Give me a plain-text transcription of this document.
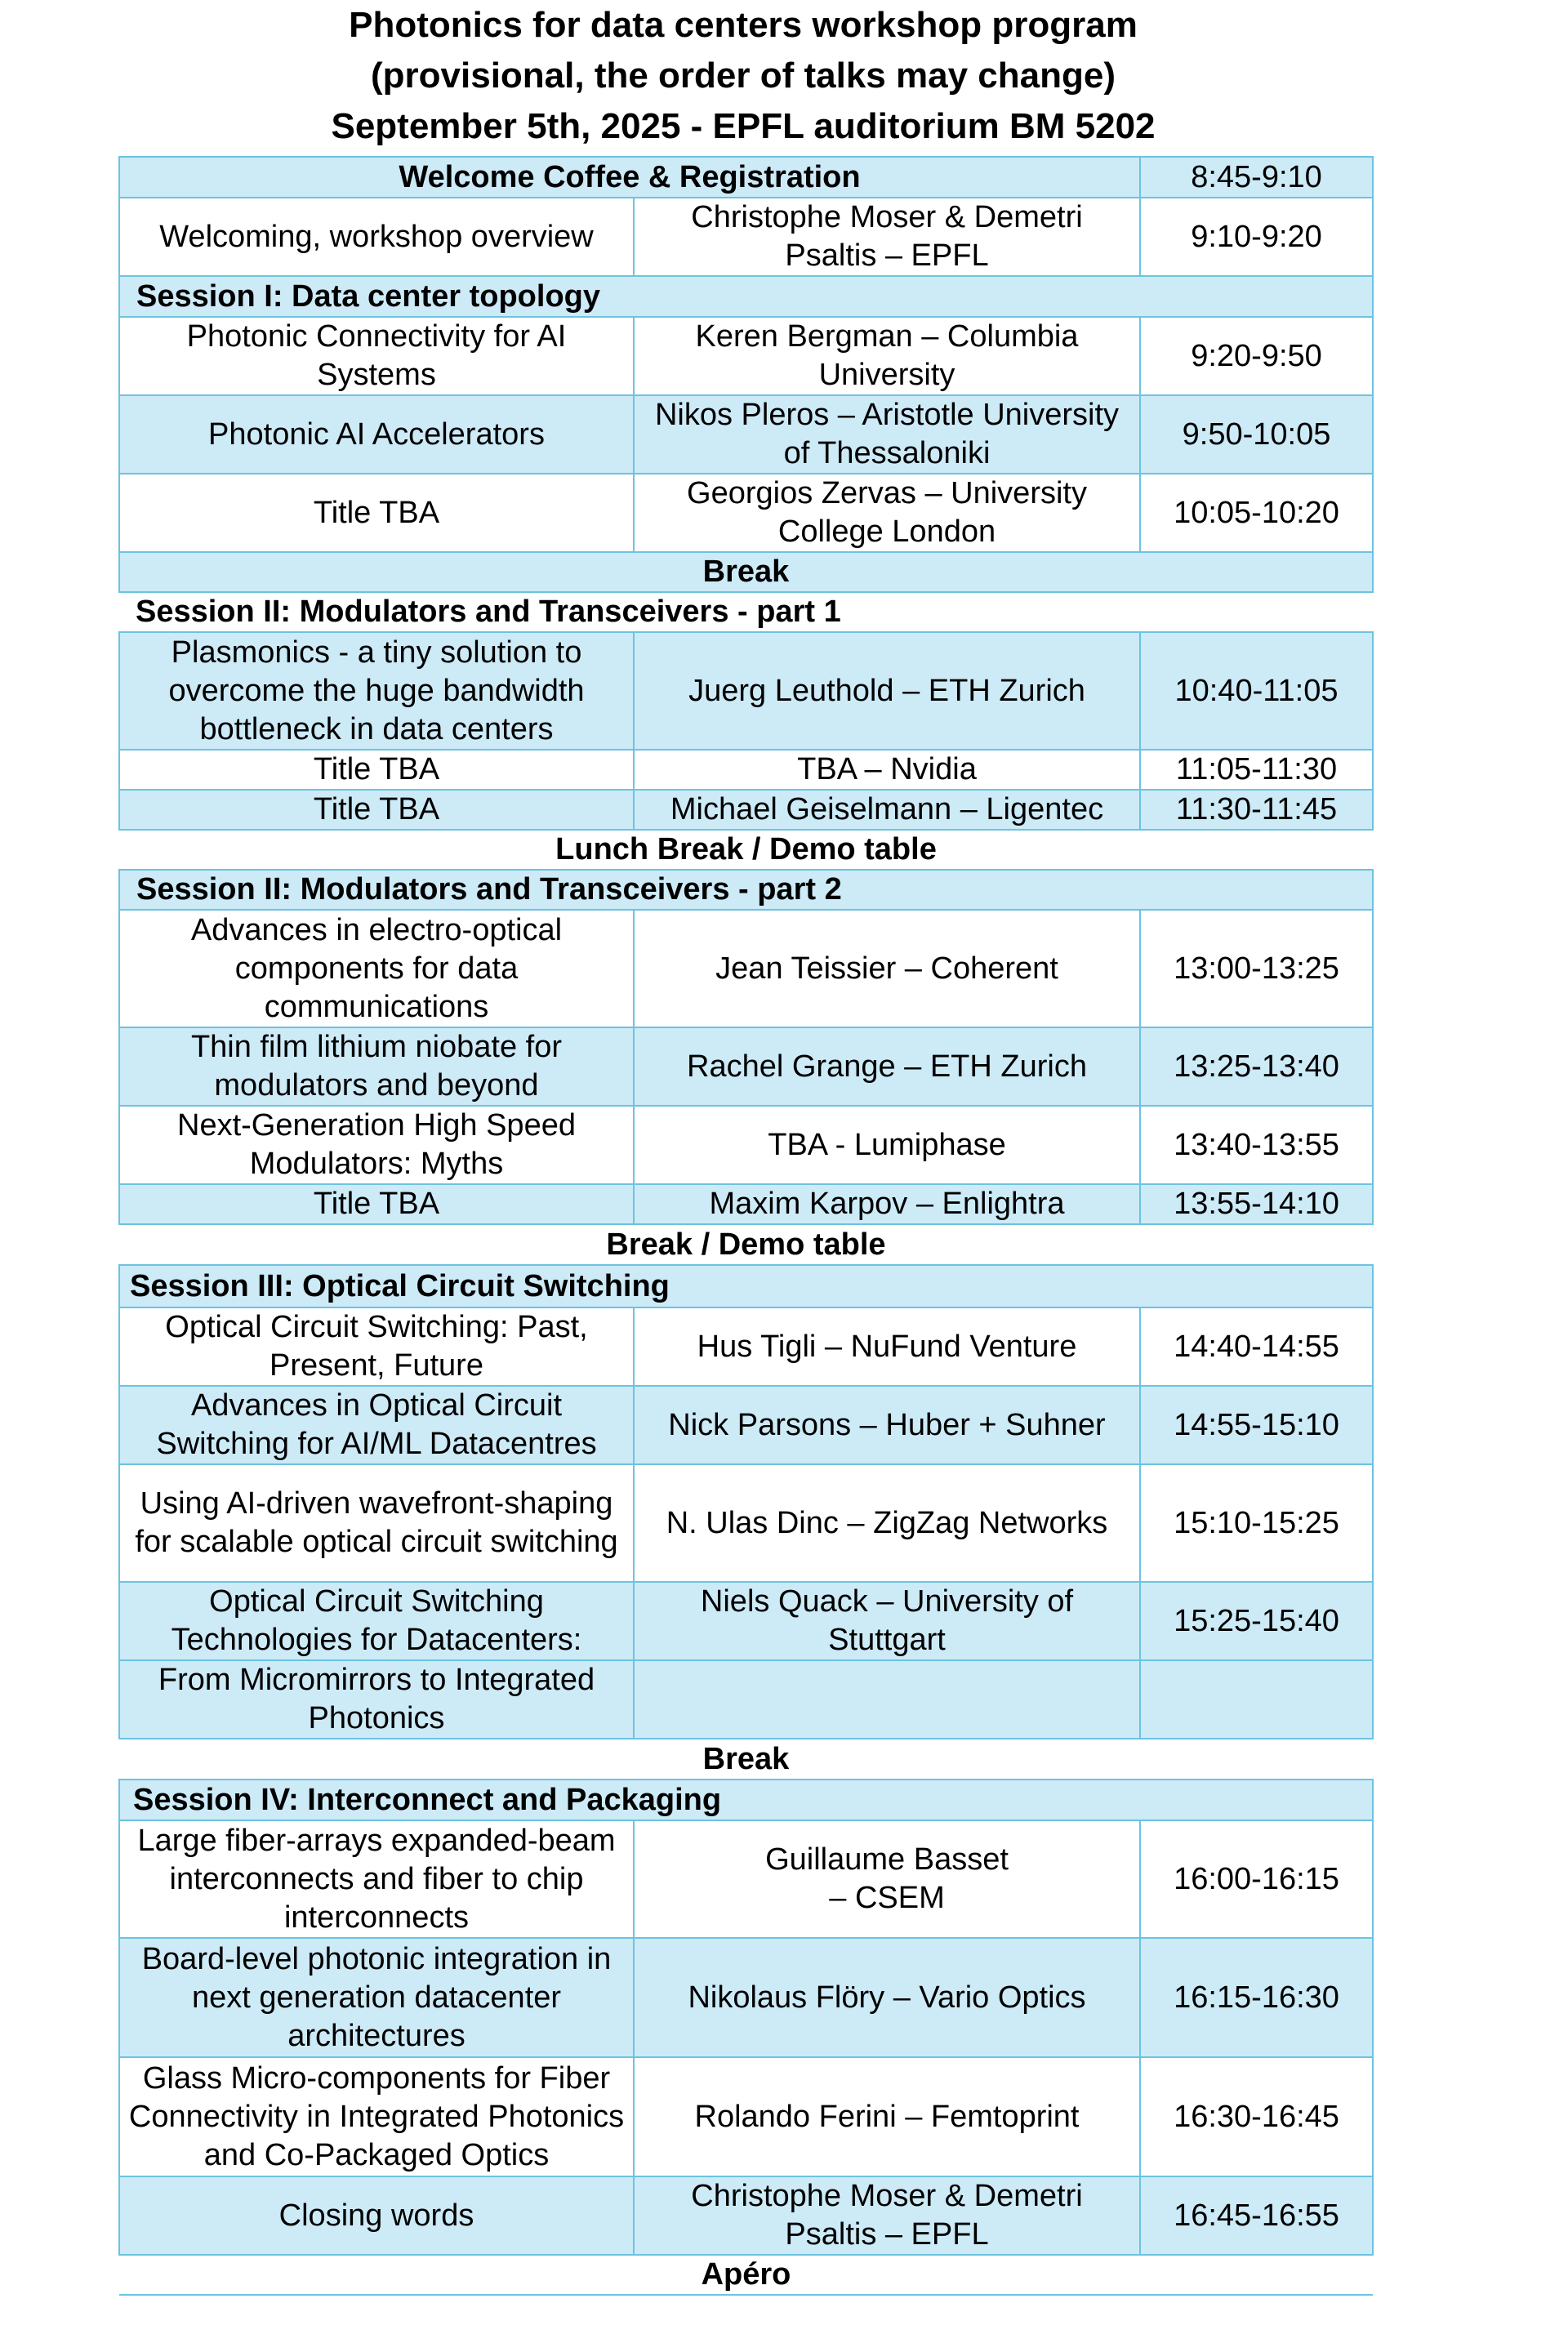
Photonics for data centers workshop program
(provisional, the order of talks may change)
September 5th, 2025 - EPFL auditorium BM 5202
Welcome Coffee & Registration		8:45-9:10
Welcoming, workshop overview	Christophe Moser & Demetri Psaltis – EPFL	9:10-9:20
Session I: Data center topology		
Photonic Connectivity for AI Systems	Keren Bergman – Columbia University	9:20-9:50
Photonic AI Accelerators	Nikos Pleros – Aristotle University of Thessaloniki	9:50-10:05
Title TBA	Georgios Zervas – University College London	10:05-10:20
Break		
Session II: Modulators and Transceivers - part 1		
Plasmonics - a tiny solution to overcome the huge bandwidth bottleneck in data centers	Juerg Leuthold – ETH Zurich	10:40-11:05
Title TBA	TBA – Nvidia	11:05-11:30
Title TBA	Michael Geiselmann – Ligentec	11:30-11:45
Lunch Break / Demo table		
Session II: Modulators and Transceivers - part 2		
Advances in electro-optical components for data communications	Jean Teissier – Coherent	13:00-13:25
Thin film lithium niobate for modulators and beyond	Rachel Grange – ETH Zurich	13:25-13:40
Next-Generation High Speed Modulators: Myths	TBA - Lumiphase	13:40-13:55
Title TBA	Maxim Karpov – Enlightra	13:55-14:10
Break / Demo table		
Session III: Optical Circuit Switching		
Optical Circuit Switching: Past, Present, Future	Hus Tigli – NuFund Venture	14:40-14:55
Advances in Optical Circuit Switching for AI/ML Datacentres	Nick Parsons – Huber + Suhner	14:55-15:10
Using AI-driven wavefront-shaping for scalable optical circuit switching	N. Ulas Dinc – ZigZag Networks	15:10-15:25
Optical Circuit Switching Technologies for Datacenters:	Niels Quack – University of Stuttgart	15:25-15:40
From Micromirrors to Integrated Photonics		
Break		
Session IV: Interconnect and Packaging		
Large fiber-arrays expanded-beam interconnects and fiber to chip interconnects	Guillaume Basset – CSEM	16:00-16:15
Board-level photonic integration in next generation datacenter architectures	Nikolaus Flöry – Vario Optics	16:15-16:30
Glass Micro-components for Fiber Connectivity in Integrated Photonics and Co-Packaged Optics	Rolando Ferini – Femtoprint	16:30-16:45
Closing words	Christophe Moser & Demetri Psaltis – EPFL	16:45-16:55
Apéro		
